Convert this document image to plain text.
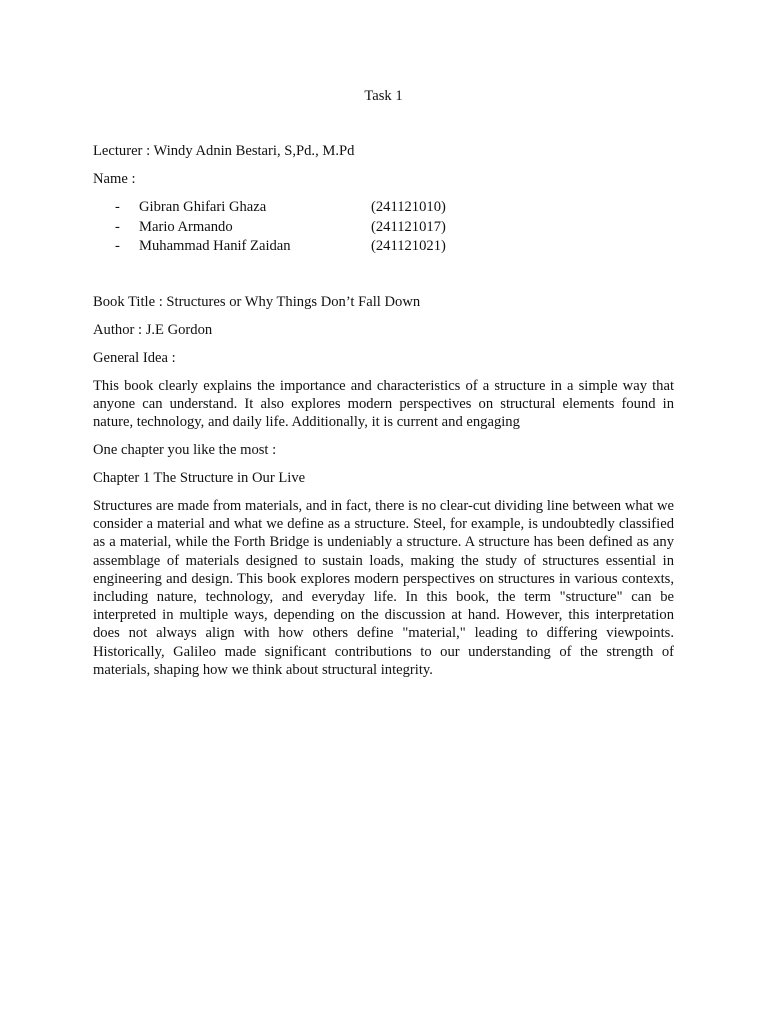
Task 1
Lecturer : Windy Adnin Bestari, S,Pd., M.Pd
Name :
- Gibran Ghifari Ghaza	(241121010)
- Mario Armando	(241121017)
- Muhammad Hanif Zaidan	(241121021)
Book Title : Structures or Why Things Don’t Fall Down
Author : J.E Gordon
General Idea :
This book clearly explains the importance and characteristics of a structure in a simple way that anyone can understand. It also explores modern perspectives on structural elements found in nature, technology, and daily life. Additionally, it is current and engaging
One chapter you like the most :
Chapter 1 The Structure in Our Live
Structures are made from materials, and in fact, there is no clear-cut dividing line between what we consider a material and what we define as a structure. Steel, for example, is undoubtedly classified as a material, while the Forth Bridge is undeniably a structure. A structure has been defined as any assemblage of materials designed to sustain loads, making the study of structures essential in engineering and design. This book explores modern perspectives on structures in various contexts, including nature, technology, and everyday life. In this book, the term "structure" can be interpreted in multiple ways, depending on the discussion at hand. However, this interpretation does not always align with how others define "material," leading to differing viewpoints. Historically, Galileo made significant contributions to our understanding of the strength of materials, shaping how we think about structural integrity.
